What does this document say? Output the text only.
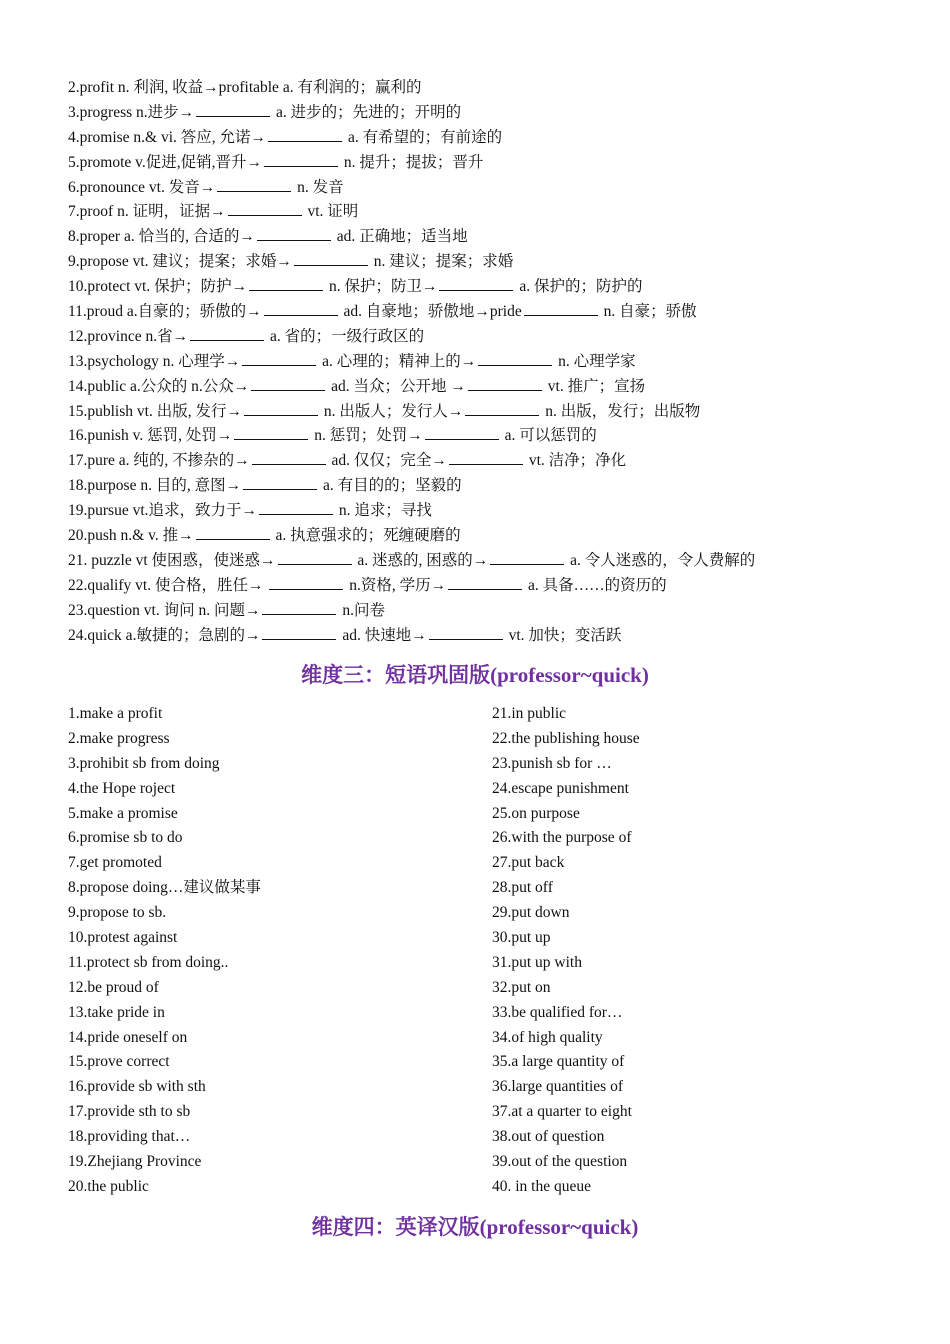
2.profit n. 利润, 收益→profitable a. 有利润的；赢利的
3.progress n.进步→	a. 进步的；先进的；开明的
4.promise n.& vi. 答应, 允诺→	a. 有希望的；有前途的
5.promote v.促进,促销,晋升→	n. 提升；提拔；晋升
6.pronounce vt. 发音→	n. 发音
7.proof n. 证明，证据→	vt. 证明
8.proper a. 恰当的, 合适的→	ad. 正确地；适当地
9.propose vt. 建议；提案；求婚→	n. 建议；提案；求婚
10.protect vt. 保护；防护→	n. 保护；防卫→	a. 保护的；防护的
11.proud a.自豪的；骄傲的→	ad. 自豪地；骄傲地→pride	n. 自豪；骄傲
12.province n.省→	a. 省的；一级行政区的
13.psychology n. 心理学→	a. 心理的；精神上的→	n. 心理学家
14.public a.公众的 n.公众→	ad. 当众；公开地 →	vt. 推广；宣扬
15.publish vt. 出版, 发行→	n. 出版人；发行人→	n. 出版，发行；出版物
16.punish v. 惩罚, 处罚→	n. 惩罚；处罚→	a. 可以惩罚的
17.pure a. 纯的, 不掺杂的→	ad. 仅仅；完全→	vt. 洁净；净化
18.purpose n. 目的, 意图→	a. 有目的的；坚毅的
19.pursue vt.追求，致力于→	n. 追求；寻找
20.push n.& v. 推→	a. 执意强求的；死缠硬磨的
21. puzzle vt 使困惑，使迷惑→	a. 迷惑的, 困惑的→	a. 令人迷惑的，令人费解的
22.qualify vt. 使合格，胜任→	n.资格, 学历→	a. 具备……的资历的
23.question vt. 询问 n. 问题→	n.问卷
24.quick a.敏捷的；急剧的→	ad. 快速地→	vt. 加快；变活跃
维度三：短语巩固版(professor~quick)
1.make a profit
2.make progress
3.prohibit sb from doing
4.the Hope roject
5.make a promise
6.promise sb to do
7.get promoted
8.propose doing…建议做某事
9.propose to sb.
10.protest against
11.protect sb from doing..
12.be proud of
13.take pride in
14.pride oneself on
15.prove correct
16.provide sb with sth
17.provide sth to sb
18.providing that…
19.Zhejiang Province
20.the public
21.in public
22.the publishing house
23.punish sb for …
24.escape punishment
25.on purpose
26.with the purpose of
27.put back
28.put off
29.put down
30.put up
31.put up with
32.put on
33.be qualified for…
34.of high quality
35.a large quantity of
36.large quantities of
37.at a quarter to eight
38.out of question
39.out of the question
40. in the queue
维度四：英译汉版(professor~quick)
